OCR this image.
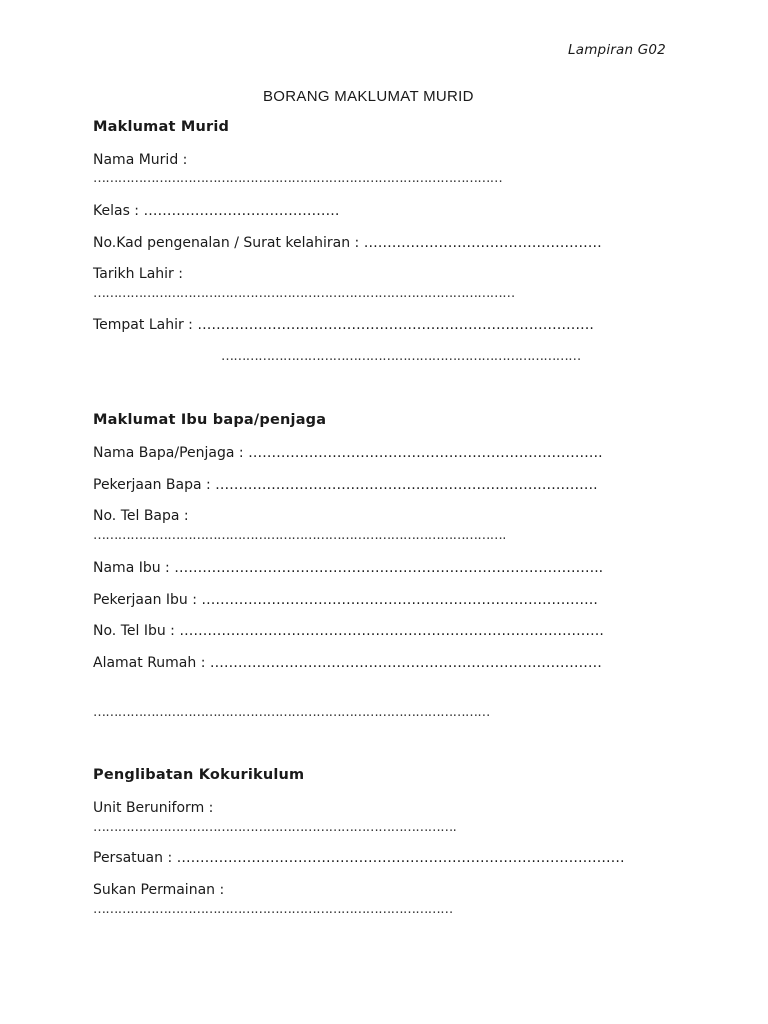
Lampiran G02
BORANG MAKLUMAT MURID
Maklumat Murid
Nama Murid :
………………………………………………………………………………………
Kelas : ……………………………………
No.Kad pengenalan / Surat kelahiran : ……………………………………………
Tarikh Lahir :
…………………………………………………………………………………………
Tempat Lahir : ………………………………………………………………………….
……………………………………………………………………………
Maklumat Ibu bapa/penjaga
Nama Bapa/Penjaga : ………………………………………………………………….
Pekerjaan Bapa : ……………………………………………………………………….
No. Tel Bapa :
……………………………………………………………………………………….
Nama Ibu : ………………………………………………………………………………..
Pekerjaan Ibu : ………………………………………………………………………….
No. Tel Ibu : ……………………………………………………………………………….
Alamat Rumah : …………………………………………………………………………
……………………………………………………………………………………
Penglibatan Kokurikulum
Unit Beruniform :
…………………………………………………………………………….
Persatuan : ……………………………………………………………………………………
Sukan Permainan :
……………………………………………………………………………
